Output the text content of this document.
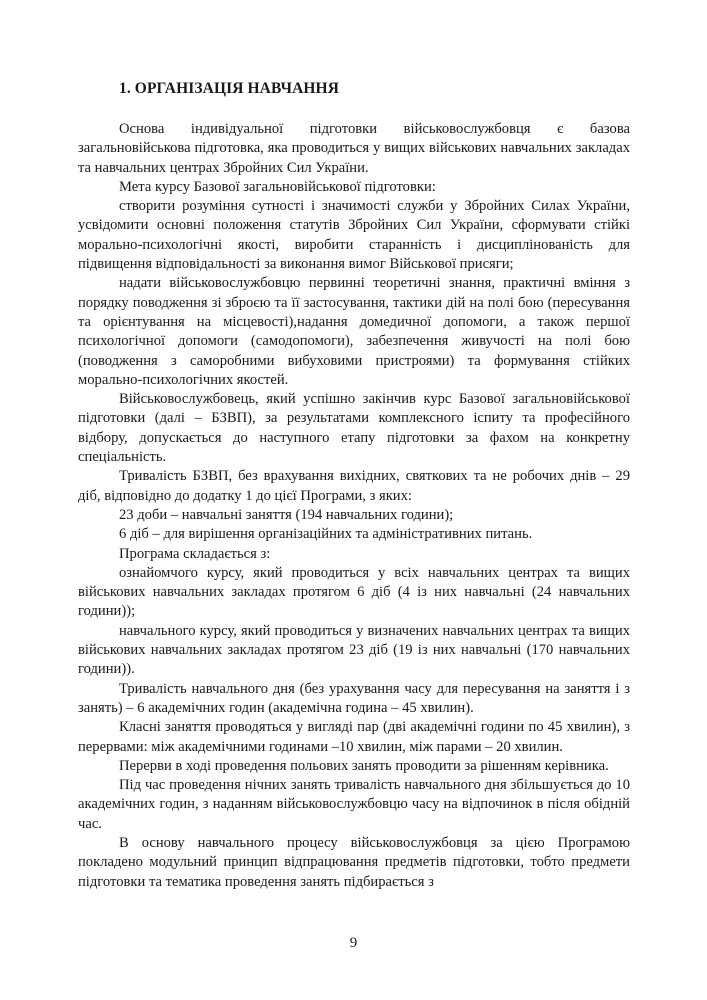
1. ОРГАНІЗАЦІЯ НАВЧАННЯ

Основа індивідуальної підготовки військовослужбовця є базова загальновійськова підготовка, яка проводиться у вищих військових навчальних закладах та навчальних центрах Збройних Сил України.

Мета курсу Базової загальновійськової підготовки:

створити розуміння сутності і значимості служби у Збройних Силах України, усвідомити основні положення статутів Збройних Сил України, сформувати стійкі морально-психологічні якості, виробити старанність і дисциплінованість для підвищення відповідальності за виконання вимог Військової присяги;

надати військовослужбовцю первинні теоретичні знання, практичні вміння з порядку поводження зі зброєю та її застосування, тактики дій на полі бою (пересування та орієнтування на місцевості),надання домедичної допомоги, а також першої психологічної допомоги (самодопомоги), забезпечення живучості на полі бою (поводження з саморобними вибуховими пристроями) та формування стійких морально-психологічних якостей.

Військовослужбовець, який успішно закінчив курс Базової загальновійськової підготовки (далі – БЗВП), за результатами комплексного іспиту та професійного відбору, допускається до наступного етапу підготовки за фахом на конкретну спеціальність.

Тривалість БЗВП, без врахування вихідних, святкових та не робочих днів – 29 діб, відповідно до додатку 1 до цієї Програми, з яких:

23 доби – навчальні заняття (194 навчальних години);

6 діб – для вирішення організаційних та адміністративних питань.

Програма складається з:

ознайомчого курсу, який проводиться у всіх навчальних центрах та вищих військових навчальних закладах протягом 6 діб (4 із них навчальні (24 навчальних години));

навчального курсу, який проводиться у визначених навчальних центрах та вищих військових навчальних закладах протягом 23 діб (19 із них навчальні (170 навчальних години)).

Тривалість навчального дня (без урахування часу для пересування на заняття і з занять) – 6 академічних годин (академічна година – 45 хвилин).

Класні заняття проводяться у вигляді пар (дві академічні години по 45 хвилин), з перервами: між академічними годинами –10 хвилин, між парами – 20 хвилин.

Перерви в ході проведення польових занять проводити за рішенням керівника.

Під час проведення нічних занять тривалість навчального дня збільшується до 10 академічних годин, з наданням військовослужбовцю часу на відпочинок в після обідній час.

В основу навчального процесу військовослужбовця за цією Програмою покладено модульний принцип відпрацювання предметів підготовки, тобто предмети підготовки та тематика проведення занять підбирається з

9
